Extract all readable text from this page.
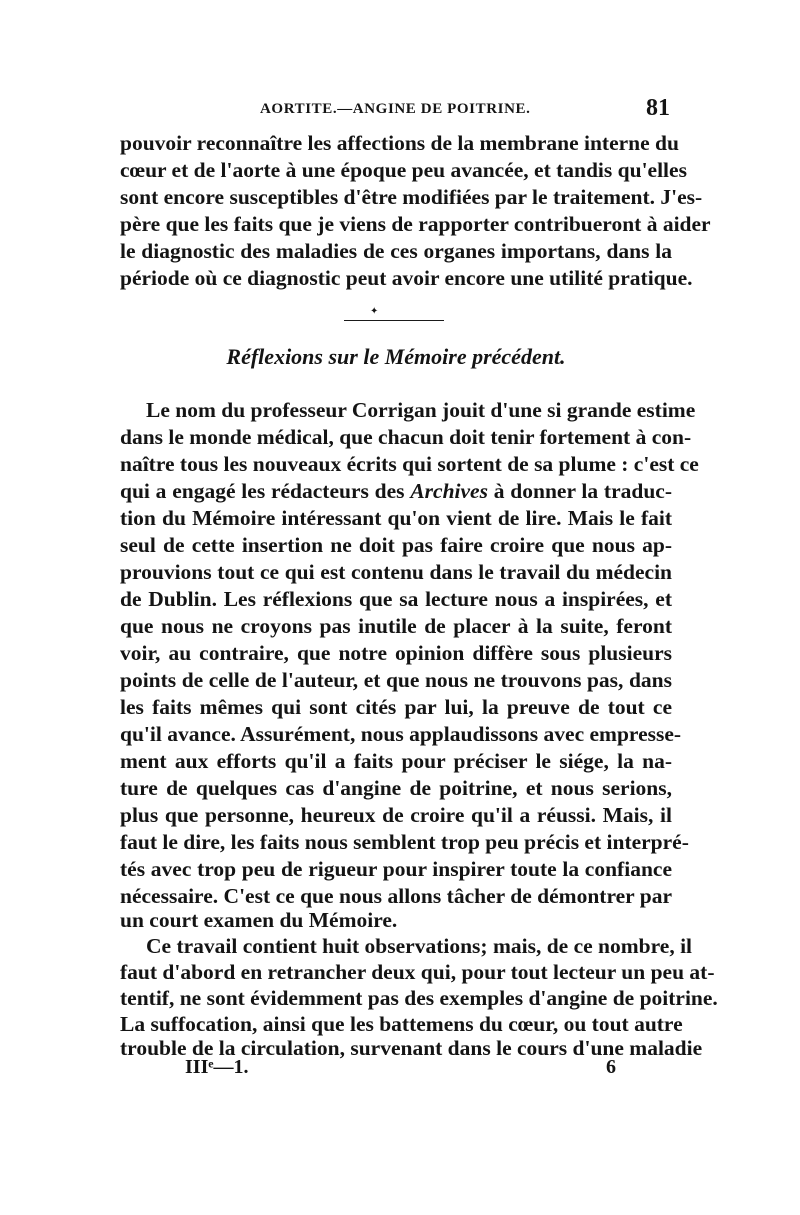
AORTITE.—ANGINE DE POITRINE.	81
pouvoir reconnaître les affections de la membrane interne du
cœur et de l'aorte à une époque peu avancée, et tandis qu'elles
sont encore susceptibles d'être modifiées par le traitement. J'es-
père que les faits que je viens de rapporter contribueront à aider
le diagnostic des maladies de ces organes importans, dans la
période où ce diagnostic peut avoir encore une utilité pratique.
✦
Réflexions sur le Mémoire précédent.
Le nom du professeur Corrigan jouit d'une si grande estime
dans le monde médical, que chacun doit tenir fortement à con-
naître tous les nouveaux écrits qui sortent de sa plume : c'est ce
qui a engagé les rédacteurs des Archives à donner la traduc-
tion du Mémoire intéressant qu'on vient de lire. Mais le fait
seul de cette insertion ne doit pas faire croire que nous ap-
prouvions tout ce qui est contenu dans le travail du médecin
de Dublin. Les réflexions que sa lecture nous a inspirées, et
que nous ne croyons pas inutile de placer à la suite, feront
voir, au contraire, que notre opinion diffère sous plusieurs
points de celle de l'auteur, et que nous ne trouvons pas, dans
les faits mêmes qui sont cités par lui, la preuve de tout ce
qu'il avance. Assurément, nous applaudissons avec empresse-
ment aux efforts qu'il a faits pour préciser le siége, la na-
ture de quelques cas d'angine de poitrine, et nous serions,
plus que personne, heureux de croire qu'il a réussi. Mais, il
faut le dire, les faits nous semblent trop peu précis et interpré-
tés avec trop peu de rigueur pour inspirer toute la confiance
nécessaire. C'est ce que nous allons tâcher de démontrer par
un court examen du Mémoire.
Ce travail contient huit observations; mais, de ce nombre, il
faut d'abord en retrancher deux qui, pour tout lecteur un peu at-
tentif, ne sont évidemment pas des exemples d'angine de poitrine.
La suffocation, ainsi que les battemens du cœur, ou tout autre
trouble de la circulation, survenant dans le cours d'une maladie
IIIᵉ—1.	6
